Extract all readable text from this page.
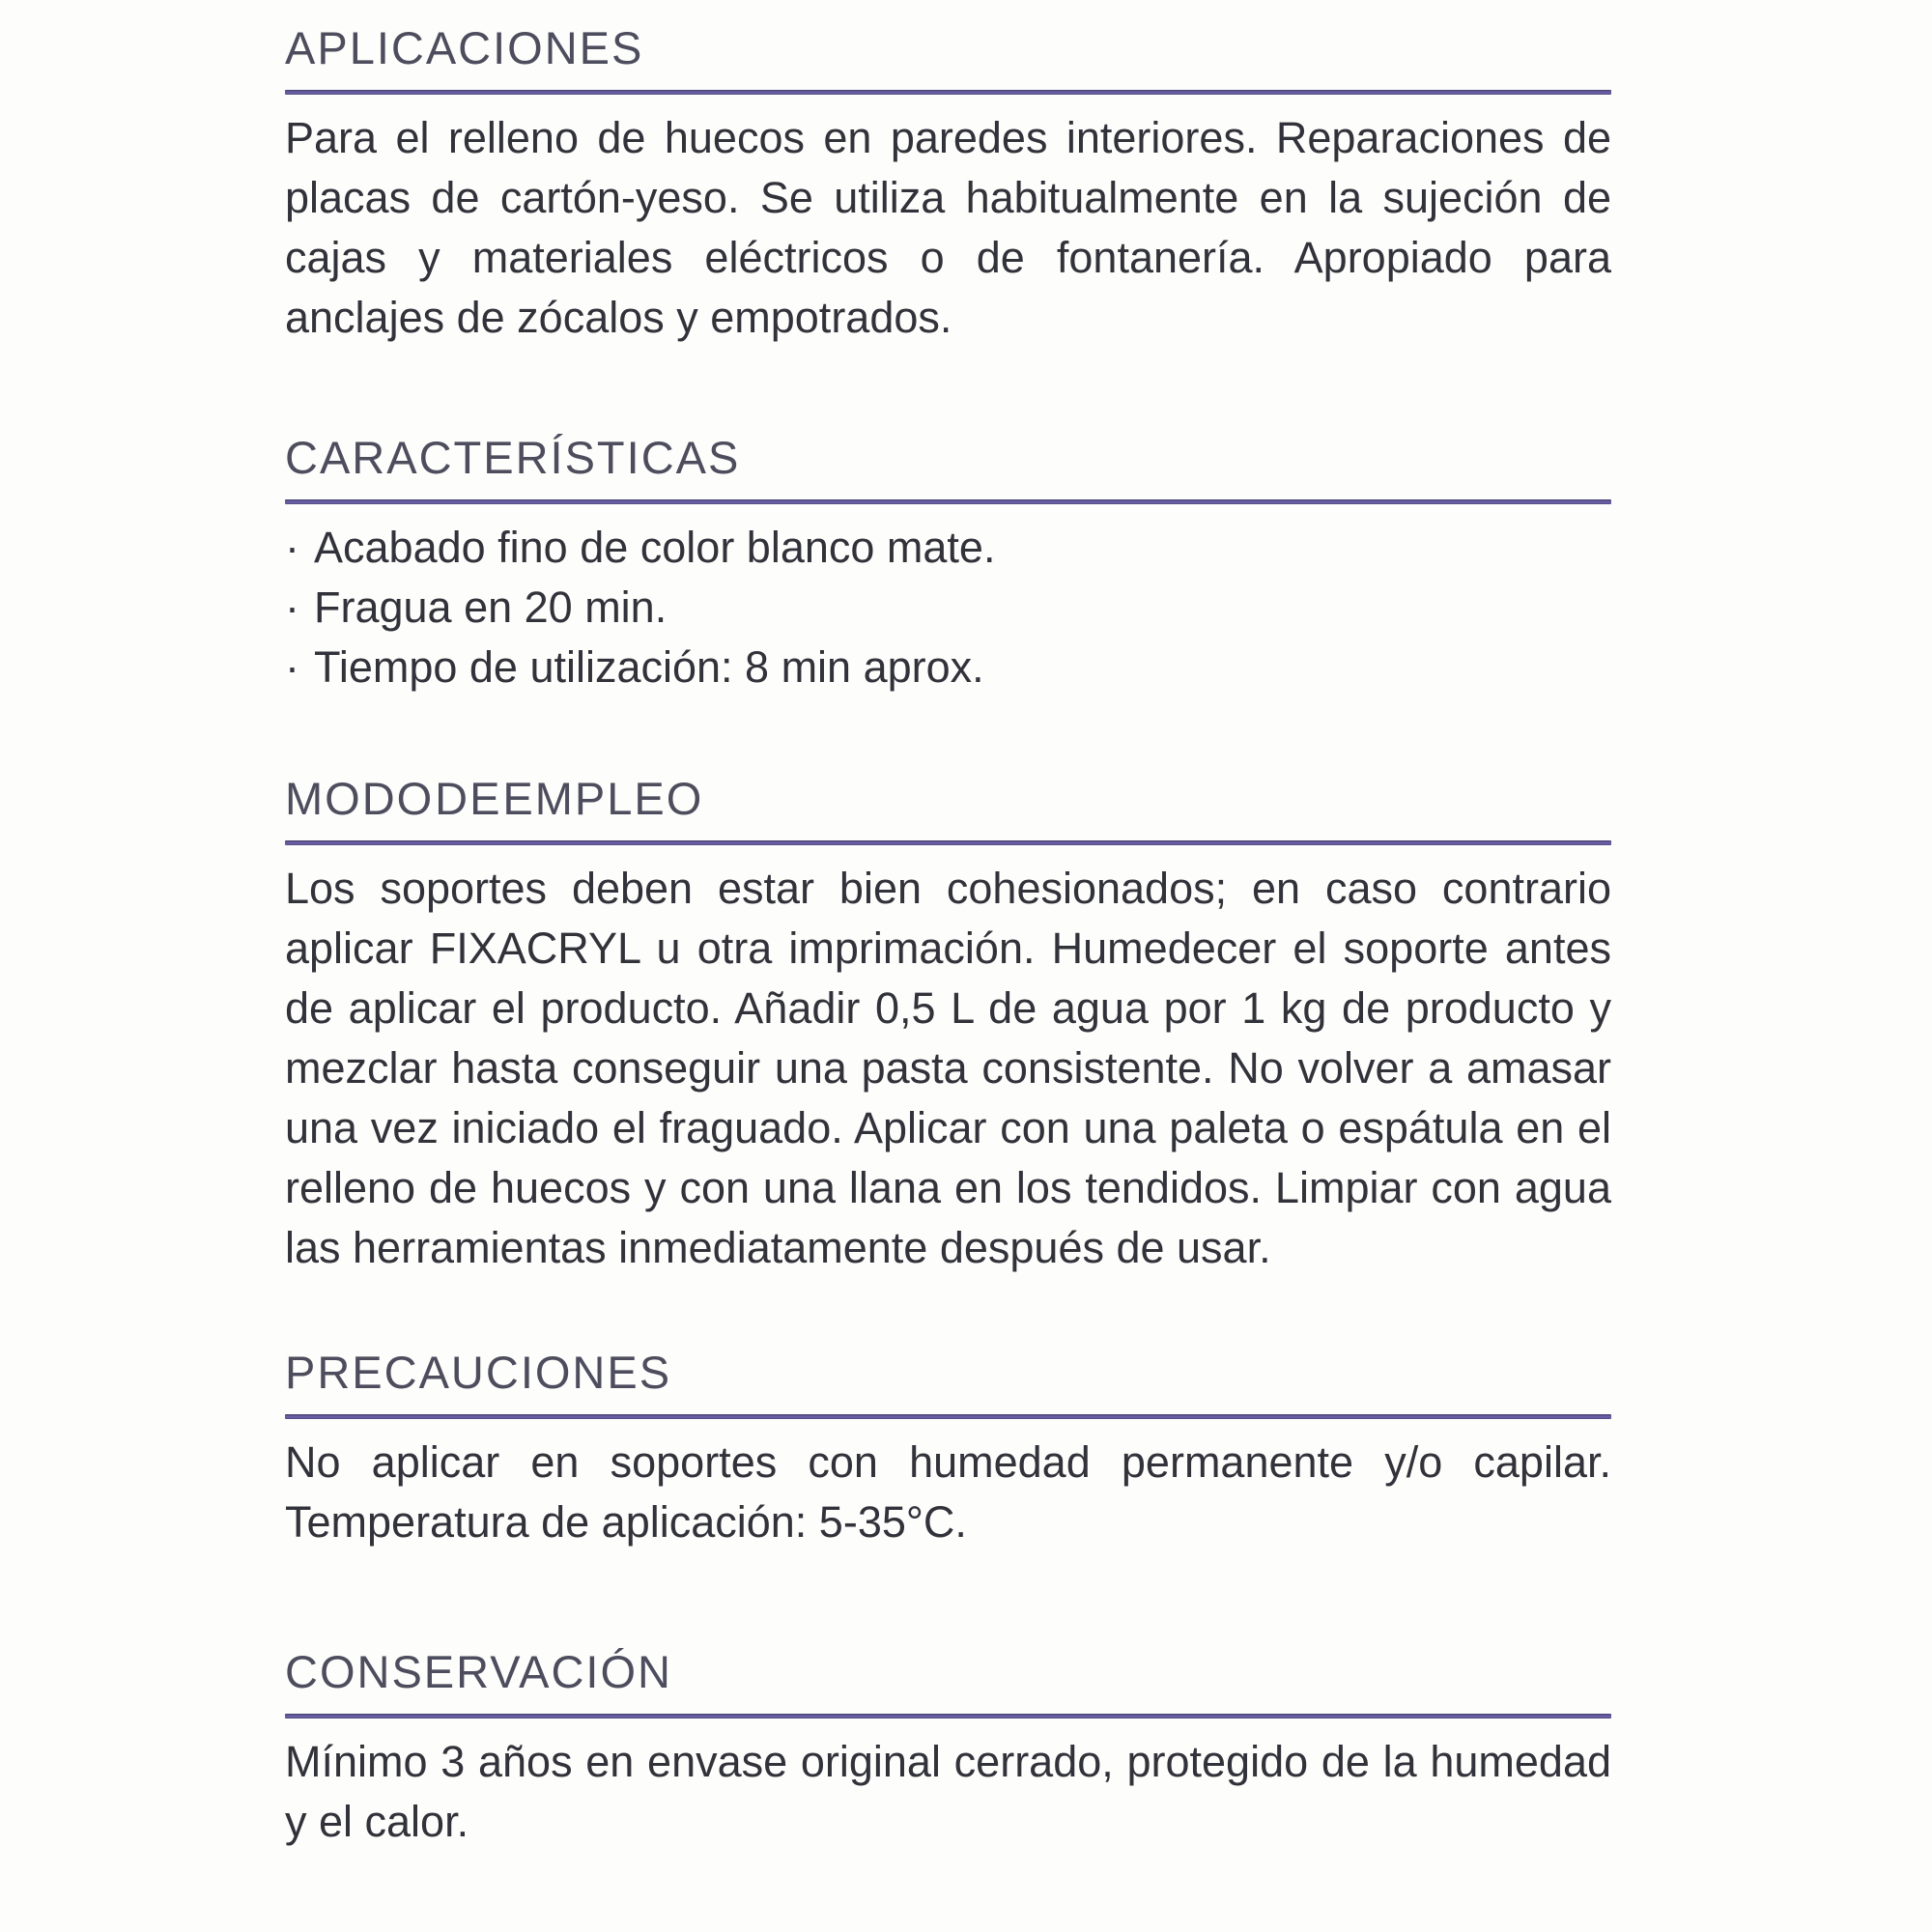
APLICACIONES

Para el relleno de huecos en paredes interiores. Reparaciones de placas de cartón-yeso. Se utiliza habitualmente en la sujeción de cajas y materiales eléctricos o de fontanería. Apropiado para anclajes de zócalos y empotrados.

CARACTERÍSTICAS
· Acabado fino de color blanco mate.
· Fragua en 20 min.
· Tiempo de utilización: 8 min aprox.
MODO DE EMPLEO

Los soportes deben estar bien cohesionados; en caso contrario aplicar FIXACRYL u otra imprimación. Humedecer el soporte antes de aplicar el producto. Añadir 0,5 L de agua por 1 kg de producto y mezclar hasta conseguir una pasta consistente. No volver a amasar una vez iniciado el fraguado. Aplicar con una paleta o espátula en el relleno de huecos y con una llana en los tendidos. Limpiar con agua las herramientas inmediatamente después de usar.

PRECAUCIONES

No aplicar en soportes con humedad permanente y/o capilar. Temperatura de aplicación: 5-35°C.

CONSERVACIÓN

Mínimo 3 años en envase original cerrado, protegido de la humedad y el calor.
